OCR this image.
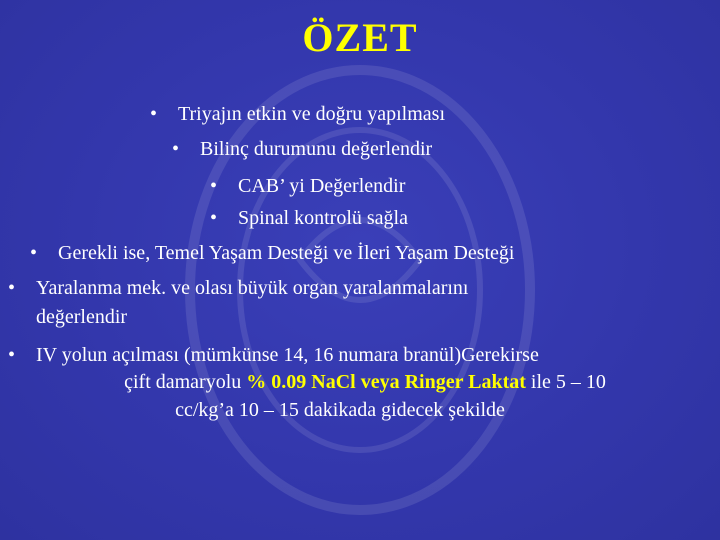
ÖZET
• Triyajın etkin ve doğru yapılması
• Bilinç durumunu değerlendir
• CAB’ yi Değerlendir
• Spinal kontrolü sağla
• Gerekli ise, Temel Yaşam Desteği ve İleri Yaşam Desteği
• Yaralanma mek. ve olası büyük organ yaralanmalarını
değerlendir
• IV yolun açılması (mümkünse 14, 16 numara branül)Gerekirse
çift damaryolu % 0.09 NaCl veya Ringer Laktat ile 5 – 10
cc/kg’a 10 – 15 dakikada gidecek şekilde
